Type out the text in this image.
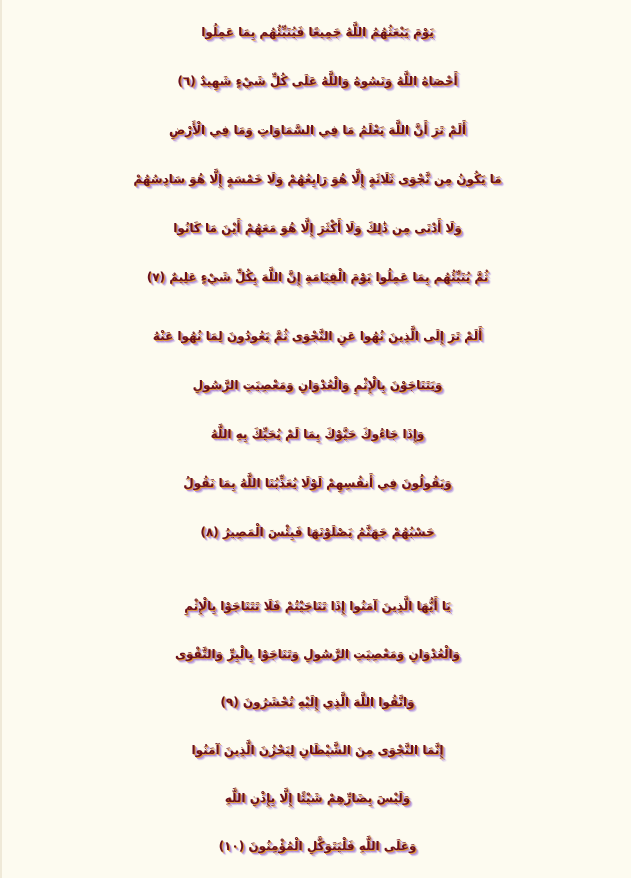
يَوْمَ يَبْعَثُهُمُ اللَّهُ جَمِيعًا فَيُنَبِّئُهُم بِمَا عَمِلُوا
أَحْصَاهُ اللَّهُ وَنَسُوهُ وَاللَّهُ عَلَى كُلِّ شَيْءٍ شَهِيدٌ (٦)
أَلَمْ تَرَ أَنَّ اللَّهَ يَعْلَمُ مَا فِي السَّمَاوَاتِ وَمَا فِي الْأَرْضِ
مَا يَكُونُ مِن نَّجْوَى ثَلَاثَةٍ إِلَّا هُوَ رَابِعُهُمْ وَلَا خَمْسَةٍ إِلَّا هُوَ سَادِسُهُمْ
وَلَا أَدْنَى مِن ذَٰلِكَ وَلَا أَكْثَرَ إِلَّا هُوَ مَعَهُمْ أَيْنَ مَا كَانُوا
ثُمَّ يُنَبِّئُهُم بِمَا عَمِلُوا يَوْمَ الْقِيَامَةِ إِنَّ اللَّهَ بِكُلِّ شَيْءٍ عَلِيمٌ (٧)
أَلَمْ تَرَ إِلَى الَّذِينَ نُهُوا عَنِ النَّجْوَى ثُمَّ يَعُودُونَ لِمَا نُهُوا عَنْهُ
وَيَتَنَاجَوْنَ بِالْإِثْمِ وَالْعُدْوَانِ وَمَعْصِيَتِ الرَّسُولِ
وَإِذَا جَاءُوكَ حَيَّوْكَ بِمَا لَمْ يُحَيِّكَ بِهِ اللَّهُ
وَيَقُولُونَ فِي أَنفُسِهِمْ لَوْلَا يُعَذِّبُنَا اللَّهُ بِمَا نَقُولُ
حَسْبُهُمْ جَهَنَّمُ يَصْلَوْنَهَا فَبِئْسَ الْمَصِيرُ (٨)
يَا أَيُّهَا الَّذِينَ آمَنُوا إِذَا تَنَاجَيْتُمْ فَلَا تَتَنَاجَوْا بِالْإِثْمِ
وَالْعُدْوَانِ وَمَعْصِيَتِ الرَّسُولِ وَتَنَاجَوْا بِالْبِرِّ وَالتَّقْوَى
وَاتَّقُوا اللَّهَ الَّذِي إِلَيْهِ تُحْشَرُونَ (٩)
إِنَّمَا النَّجْوَى مِنَ الشَّيْطَانِ لِيَحْزُنَ الَّذِينَ آمَنُوا
وَلَيْسَ بِضَارِّهِمْ شَيْئًا إِلَّا بِإِذْنِ اللَّهِ
وَعَلَى اللَّهِ فَلْيَتَوَكَّلِ الْمُؤْمِنُونَ (١٠)
